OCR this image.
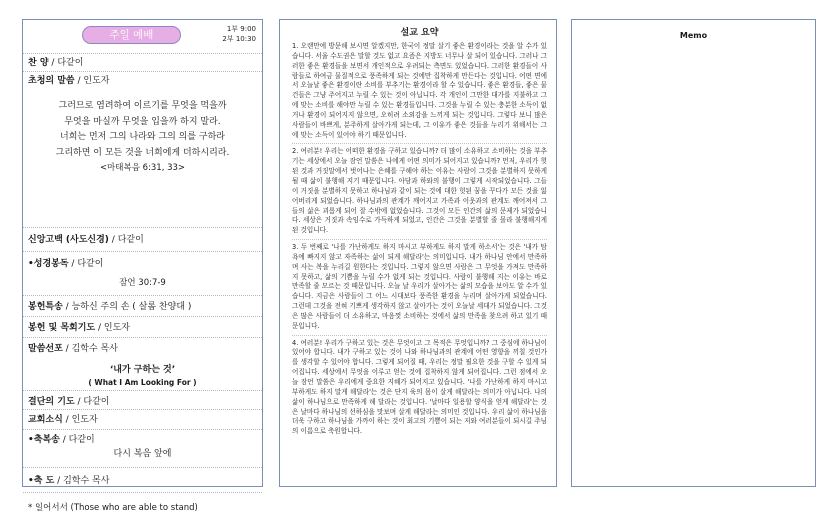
주일 예배	1부 9:00
2부 10:30
찬 양 / 다같이
초청의 말씀 / 인도자
그러므로 염려하여 이르기를 무엇을 먹을까
무엇을 마실까 무엇을 입을까 하지 말라.
너희는 먼저 그의 나라와 그의 의를 구하라
그리하면 이 모든 것을 너희에게 더하시리라.
<마태복음 6:31, 33>
신앙고백 (사도신경) / 다같이
•성경봉독 / 다같이
잠언 30:7-9
봉헌특송 / 능하신 주의 손 ( 살롬 찬양대 )
봉헌 및 목회기도 / 인도자
말씀선포 / 김학수 목사
‘내가 구하는 것’
( What I Am Looking For )
결단의 기도 / 다같이
교회소식 / 인도자
•축복송 / 다같이
다시 복음 앞에
•축 도 / 김학수 목사
* 일어서서 (Those who are able to stand)
설교 요약

1. 오랜만에 방문해 보시면 알겠지만, 한국이 정말 살기 좋은 환경이라는 것을 알 수가 있습니다. 서울 수도권은 말할 것도 없고 요즘은 지방도 너무나 살 되어 있습니다. 그러나 그러한 좋은 환경들을 보면서 개인적으로 우려되는 측면도 있었습니다. 그러한 환경들이 사람들로 하여금 물질적으로 풍족하게 되는 것에만 집착하게 만든다는 것입니다. 어떤 면에서 오늘날 좋은 환경이란 소비를 부추기는 환경이라 할 수 있습니다. 좋은 환경들, 좋은 물건들은 그냥 주어지고 누릴 수 있는 것이 아닙니다. 각 개인이 그만한 대가를 지불하고 그에 맞는 소비를 해야만 누릴 수 있는 환경들입니다. 그것을 누릴 수 있는 충분한 소득이 없거나 환경이 되어지지 않으면, 오히려 소외감을 느끼게 되는 것입니다. 그렇다 보니 많은 사람들이 바쁘게, 분주하게 살아가게 되는데, 그 이유가 좋은 것들을 누리기 위해서는 그에 맞는 소득이 있어야 하기 때문입니다.

2. 여러분! 우리는 어떠한 환경을 구하고 있습니까? 더 많이 소유하고 소비하는 것을 부추기는 세상에서 오늘 잠언 말씀은 나에게 어떤 의미가 되어지고 있습니까? 먼저, 우리가 헛된 것과 거짓말에서 벗어나는 은혜를 구해야 하는 이유는 사람이 그것을 분별하지 못하게 될 때 삶이 불행해 지기 때문입니다. 아담과 하와의 불행이 그렇게 시작되었습니다. 그들이 거짓을 분별하지 못하고 하나님과 같이 되는 것에 대한 헛된 꿈을 꾸다가 모든 것을 잃어버리게 되었습니다. 하나님과의 관계가 깨어지고 가족과 이웃과의 관계도 깨어져서 그들의 삶은 괴롭게 되어 잘 수밖에 없었습니다. 그것이 모든 인간의 삶의 문제가 되었습니다. 세상은 거짓과 속임수로 가득하게 되었고, 인간은 그것을 분별할 줄 몰라 불행해지게 된 것입니다.

3. 두 번째로 '나를 가난하게도 하지 마시고 부하게도 하지 말게 하소서'는 것은 '내가 탐욕에 빠지지 않고 자족하는 삶이 되게 해달라'는 의미입니다. 내가 하나님 안에서 만족하며 사는 복을 누리길 원한다는 것입니다. 그렇지 않으면 사람은 그 무엇을 가져도 만족하지 못하고, 삶의 기쁨을 누릴 수가 없게 되는 것입니다. 사람이 불행해 지는 이유는 바로 만족할 줄 모르는 것 때문입니다. 오늘 날 우리가 살아가는 삶의 모습을 보아도 알 수가 있습니다. 지금은 사람들이 그 어느 시대보다 풍족한 환경을 누리며 살아가게 되었습니다. 그런데 그것을 전혀 기쁘게 생각하지 않고 살아가는 것이 오늘날 세대가 되었습니다. 그것은 많은 사람들이 더 소유하고, 마음껏 소비하는 것에서 삶의 만족을 찾으려 하고 있기 때문입니다.

4. 여러분! 우리가 구하고 있는 것은 무엇이고 그 목적은 무엇입니까? 그 중심에 하나님이 있어야 합니다. 내가 구하고 있는 것이 나와 하나님과의 관계에 어떤 영향을 끼칠 것인가를 생각할 수 있어야 합니다. 그렇게 되어질 때, 우리는 정말 필요한 것을 구할 수 있게 되어집니다. 세상에서 무엇을 이루고 얻는 것에 집착하지 않게 되어집니다. 그런 점에서 오늘 잠언 말씀은 우리에게 중요한 지혜가 되어지고 있습니다. '나를 가난하게 하지 마시고 부하게도 하지 말게 해달라'는 것은 단지 육의 몸이 살게 해달라는 의미가 아닙니다. 나의 삶이 하나님으로 만족하게 해 달라는 것입니다. '날마다 일용할 양식을 얻게 해달라'는 것은 날마다 하나님의 선하심을 맛보며 살게 해달라는 의미인 것입니다. 우리 삶이 하나님을 더욱 구하고 하나님을 가까이 하는 것이 최고의 기쁨이 되는 저와 여러분들이 되시길 주님의 이름으로 축원합니다.

Memo
